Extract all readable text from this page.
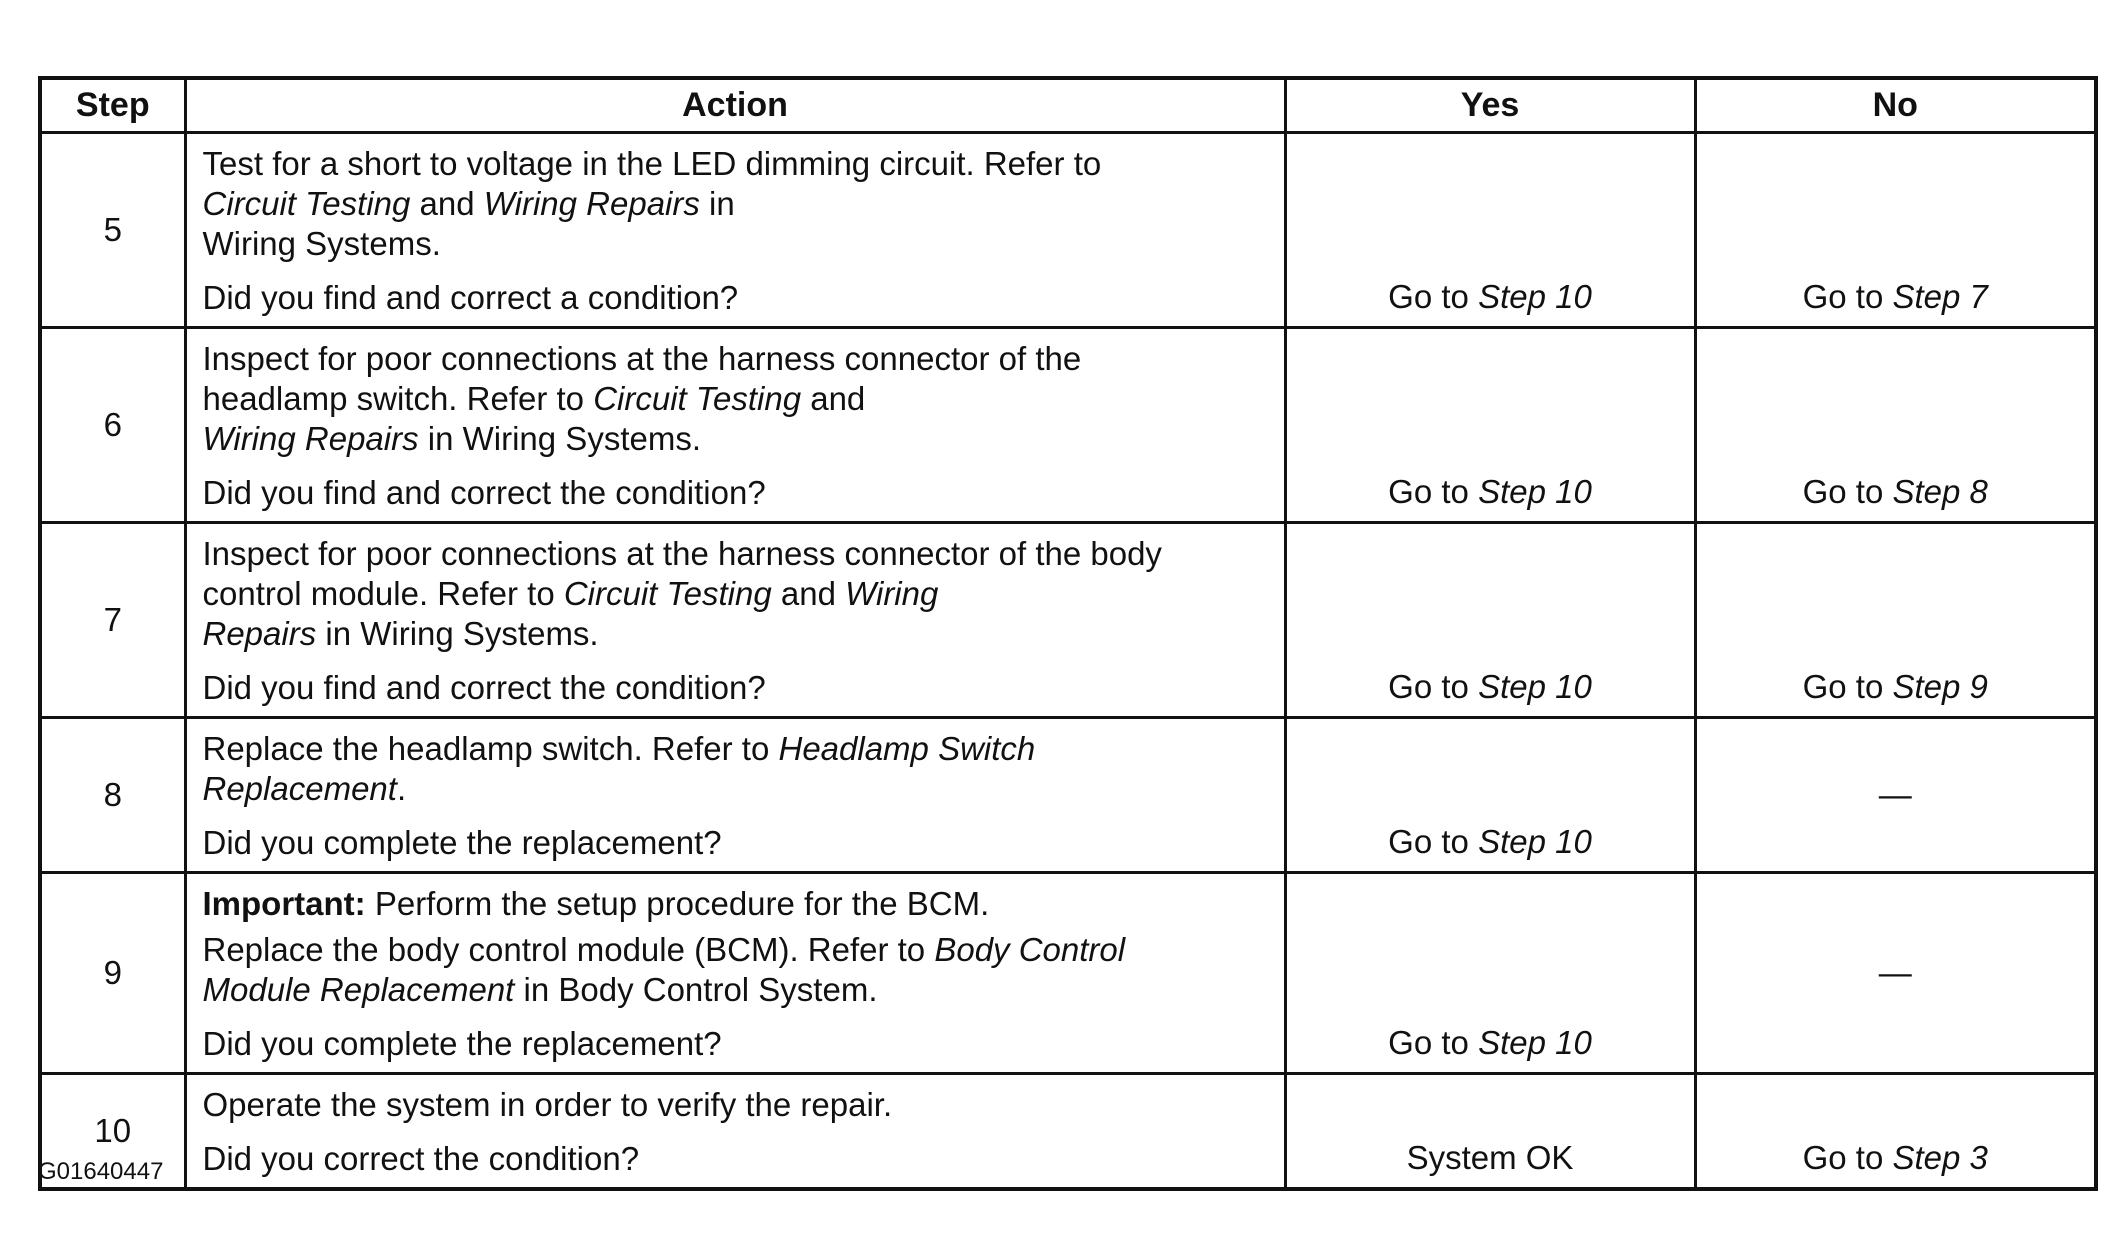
Step	Action	Yes	No
5	Test for a short to voltage in the LED dimming circuit. Refer to
Circuit Testing and Wiring Repairs in
Wiring Systems.
Did you find and correct a condition?	Go to Step 10	Go to Step 7
6	Inspect for poor connections at the harness connector of the
headlamp switch. Refer to Circuit Testing and
Wiring Repairs in Wiring Systems.
Did you find and correct the condition?	Go to Step 10	Go to Step 8
7	Inspect for poor connections at the harness connector of the body
control module. Refer to Circuit Testing and Wiring
Repairs in Wiring Systems.
Did you find and correct the condition?	Go to Step 10	Go to Step 9
8	Replace the headlamp switch. Refer to Headlamp Switch
Replacement.
Did you complete the replacement?	Go to Step 10	—
9	Important: Perform the setup procedure for the BCM.
Replace the body control module (BCM). Refer to Body Control
Module Replacement in Body Control System.
Did you complete the replacement?	Go to Step 10	—
10	Operate the system in order to verify the repair.
Did you correct the condition?	System OK	Go to Step 3
G01640447
